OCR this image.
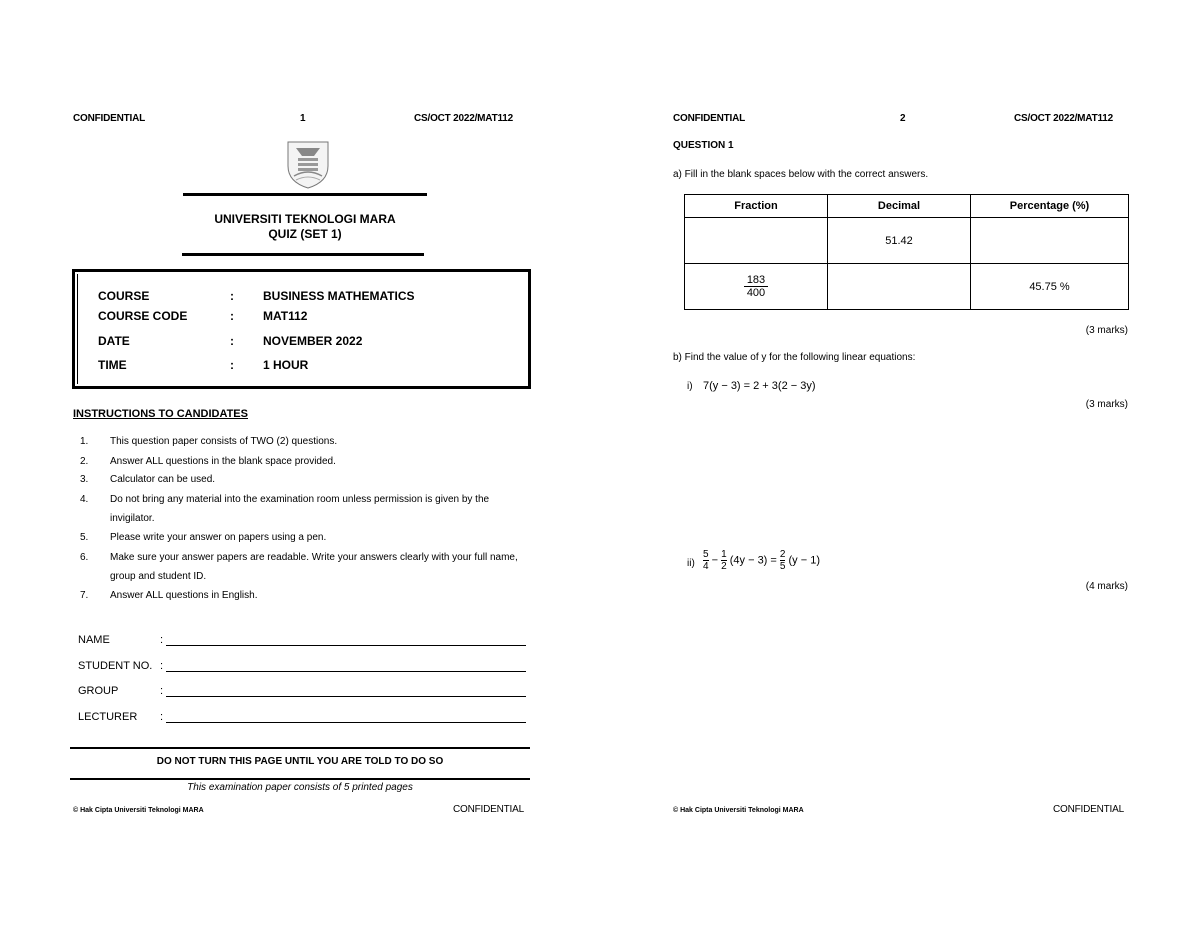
CONFIDENTIAL	1	CS/OCT 2022/MAT112
UNIVERSITI TEKNOLOGI MARA
QUIZ (SET 1)
COURSE	: BUSINESS MATHEMATICS
COURSE CODE	: MAT112
DATE	: NOVEMBER 2022
TIME	: 1 HOUR
INSTRUCTIONS TO CANDIDATES
1.	This question paper consists of TWO (2) questions.
2.	Answer ALL questions in the blank space provided.
3.	Calculator can be used.
4.	Do not bring any material into the examination room unless permission is given by the invigilator.
5.	Please write your answer on papers using a pen.
6.	Make sure your answer papers are readable. Write your answers clearly with your full name, group and student ID.
7.	Answer ALL questions in English.
NAME	:
STUDENT NO. :
GROUP	:
LECTURER :
DO NOT TURN THIS PAGE UNTIL YOU ARE TOLD TO DO SO
This examination paper consists of 5 printed pages
© Hak Cipta Universiti Teknologi MARA	CONFIDENTIAL
CONFIDENTIAL	2	CS/OCT 2022/MAT112
QUESTION 1
a) Fill in the blank spaces below with the correct answers.
Fraction	Decimal	Percentage (%)
	51.42	

$\frac{183}{400}$		45.75 %
(3 marks)
b) Find the value of y for the following linear equations:
i) 7(y − 3) = 2 + 3(2 − 3y)
(3 marks)
$ii) \frac{5}{4} - \frac{1}{2} (4y - 3) = \frac{2}{5} (y - 1)$
(4 marks)
© Hak Cipta Universiti Teknologi MARA	CONFIDENTIAL
